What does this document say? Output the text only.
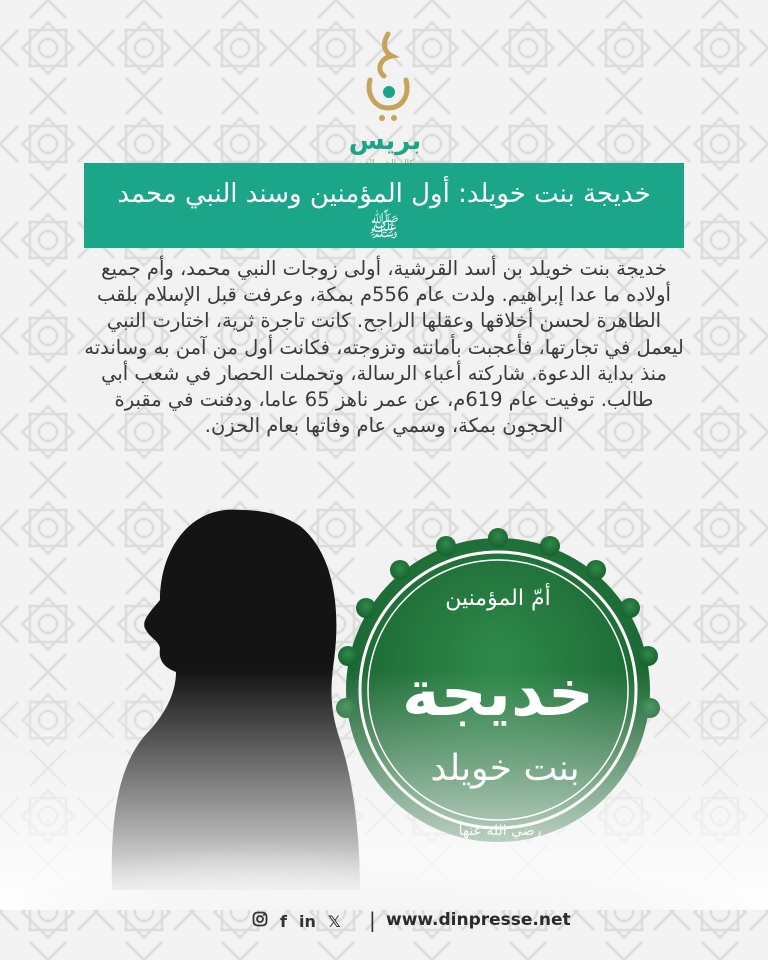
بريس
خديجة بنت خويلد: أول المؤمنين وسند النبي محمد ﷺ

خديجة بنت خويلد بن أسد القرشية، أولى زوجات النبي محمد، وأم جميع أولاده ما عدا إبراهيم. ولدت عام 556م بمكة، وعرفت قبل الإسلام بلقب الطاهرة لحسن أخلاقها وعقلها الراجح. كانت تاجرة ثرية، اختارت النبي ليعمل في تجارتها، فأعجبت بأمانته وتزوجته، فكانت أول من آمن به وساندته منذ بداية الدعوة. شاركته أعباء الرسالة، وتحملت الحصار في شعب أبي طالب. توفيت عام 619م، عن عمر ناهز 65 عاما، ودفنت في مقبرة الحجون بمكة، وسمي عام وفاتها بعام الحزن.

أمّ المؤمنين
f in 𝕏 | www.dinpresse.net
